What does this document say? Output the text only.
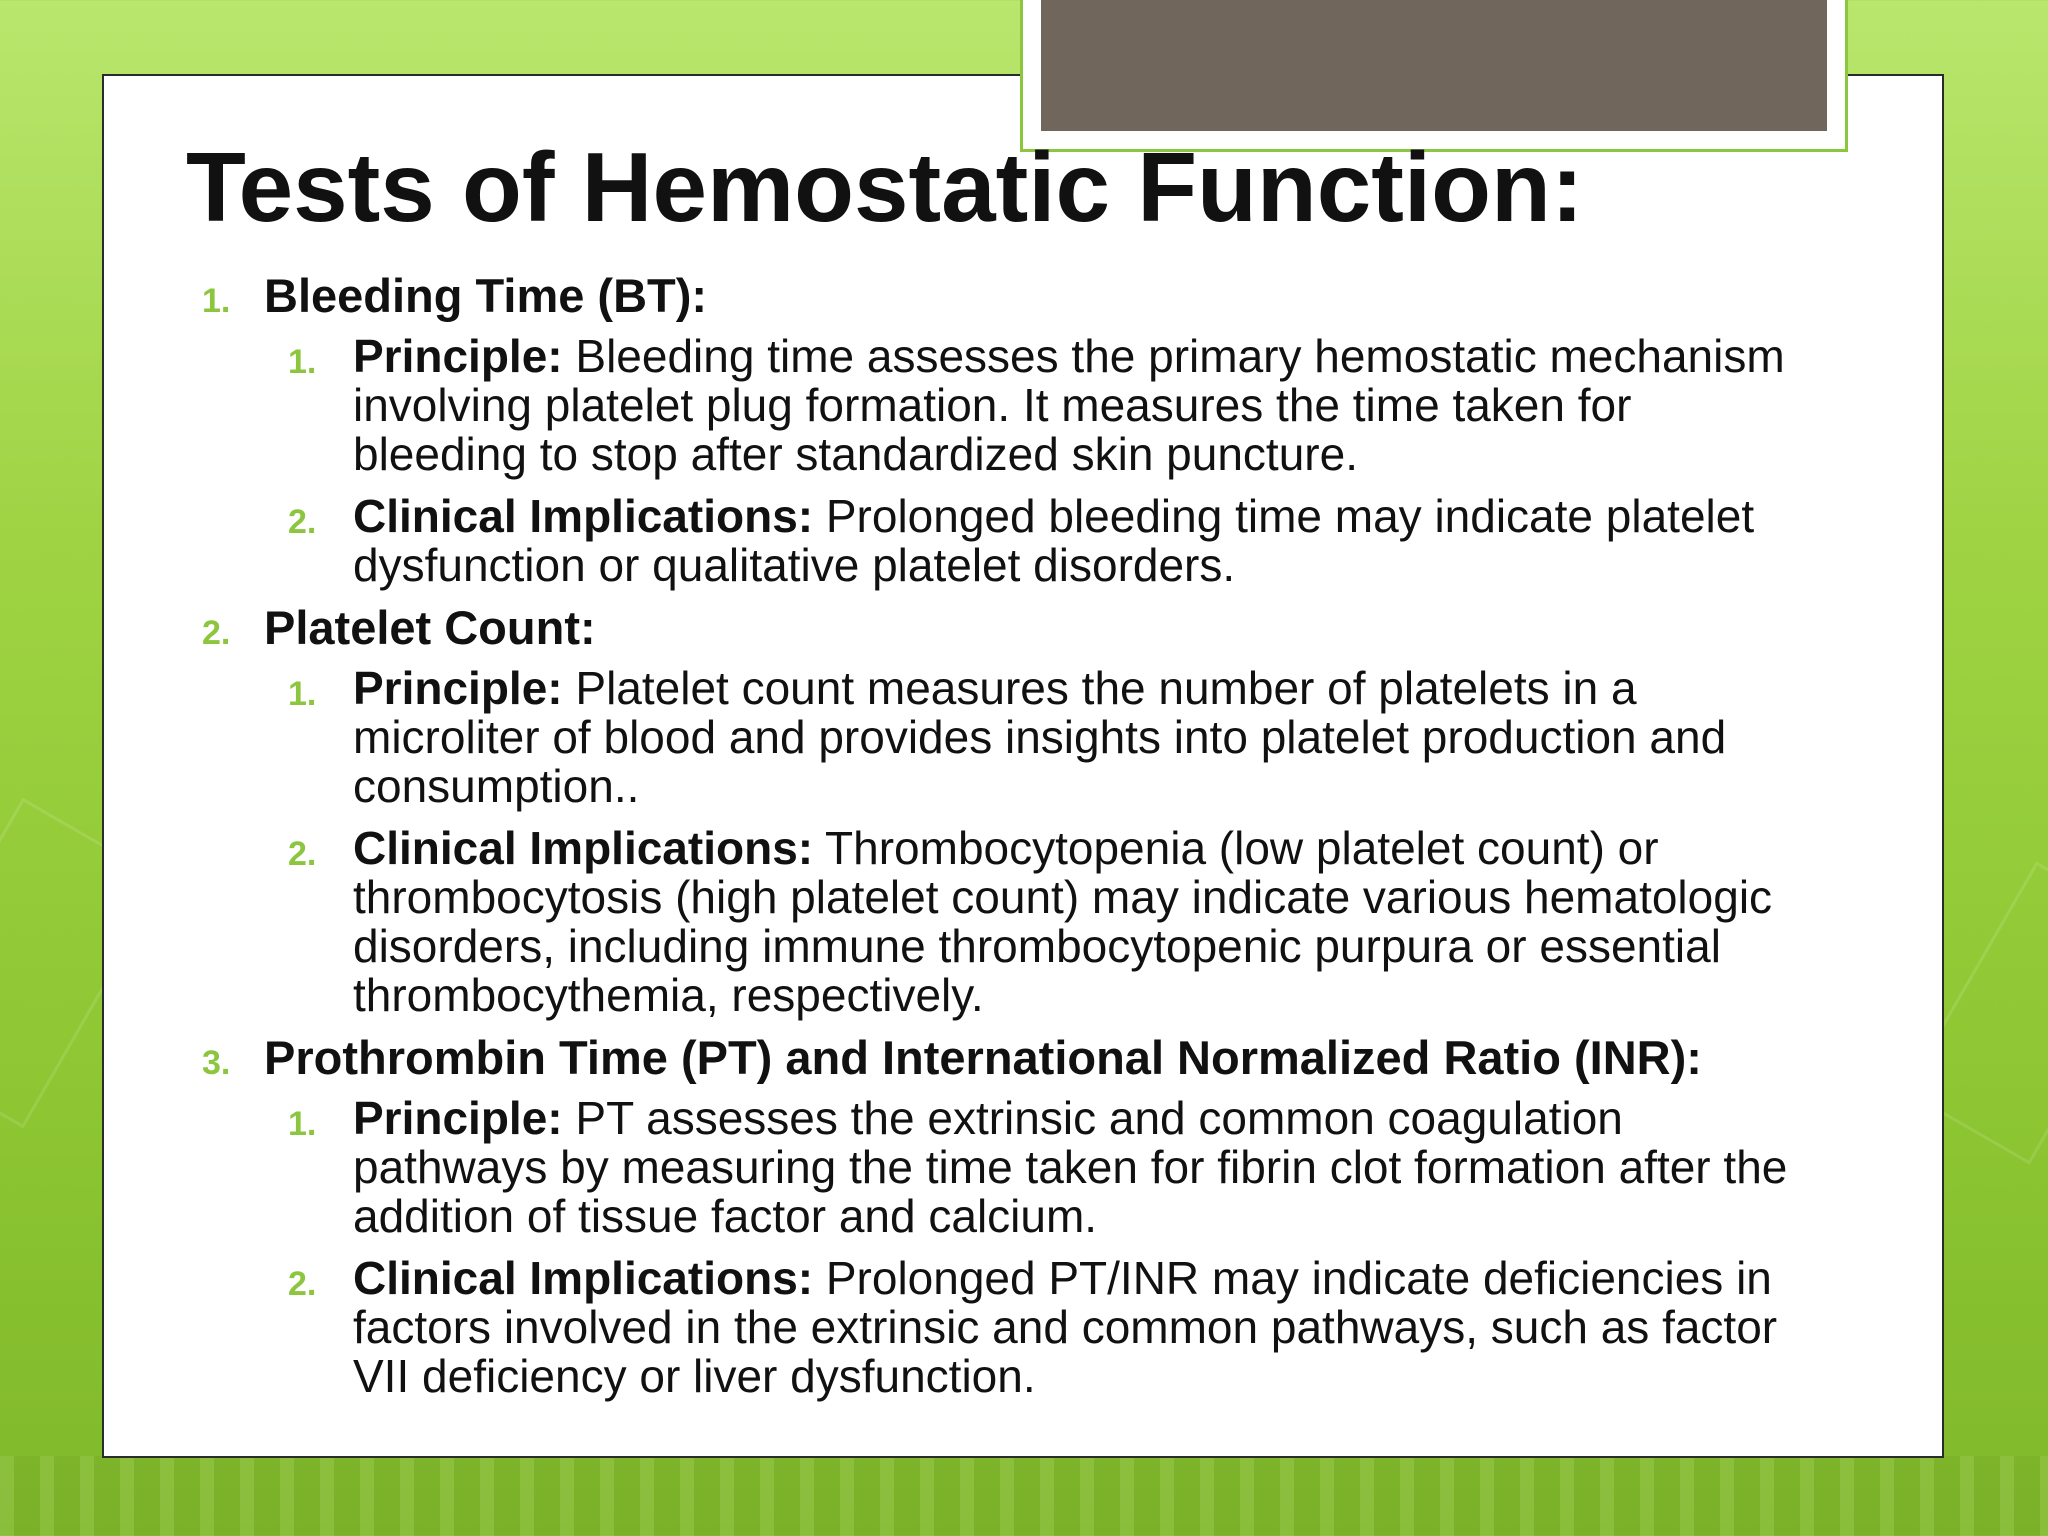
Tests of Hemostatic Function:
1. Bleeding Time (BT):
1. Principle: Bleeding time assesses the primary hemostatic mechanism
involving platelet plug formation. It measures the time taken for
bleeding to stop after standardized skin puncture.
2. Clinical Implications: Prolonged bleeding time may indicate platelet
dysfunction or qualitative platelet disorders.
2. Platelet Count:
1. Principle: Platelet count measures the number of platelets in a
microliter of blood and provides insights into platelet production and
consumption..
2. Clinical Implications: Thrombocytopenia (low platelet count) or
thrombocytosis (high platelet count) may indicate various hematologic
disorders, including immune thrombocytopenic purpura or essential
thrombocythemia, respectively.
3. Prothrombin Time (PT) and International Normalized Ratio (INR):
1. Principle: PT assesses the extrinsic and common coagulation
pathways by measuring the time taken for fibrin clot formation after the
addition of tissue factor and calcium.
2. Clinical Implications: Prolonged PT/INR may indicate deficiencies in
factors involved in the extrinsic and common pathways, such as factor
VII deficiency or liver dysfunction.
